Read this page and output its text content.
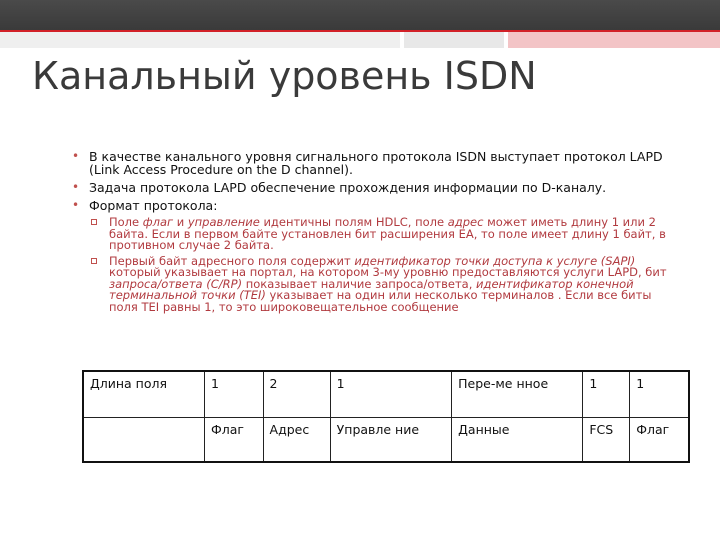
Канальный уровень ISDN
• В качестве канального уровня сигнального протокола ISDN выступает протокол LAPD (Link Access Procedure on the D channel).
• Задача протокола LAPD обеспечение прохождения информации по D-каналу.
• Формат протокола:
Поле флаг и управление идентичны полям HDLC, поле адрес может иметь длину 1 или 2 байта. Если в первом байте установлен бит расширения EA, то поле имеет длину 1 байт, в противном случае 2 байта.
Первый байт адресного поля содержит идентификатор точки доступа к услуге (SAPI) который указывает на портал, на котором 3-му уровню предоставляются услуги LAPD, бит запроса/ответа (C/RP) показывает наличие запроса/ответа, идентификатор конечной терминальной точки (TEI) указывает на один или несколько терминалов . Если все биты поля TEI равны 1, то это широковещательное сообщение
Длина поля	1	2	1	Пере-ме нное	1	1
	Флаг	Адрес	Управле ние	Данные	FCS	Флаг
